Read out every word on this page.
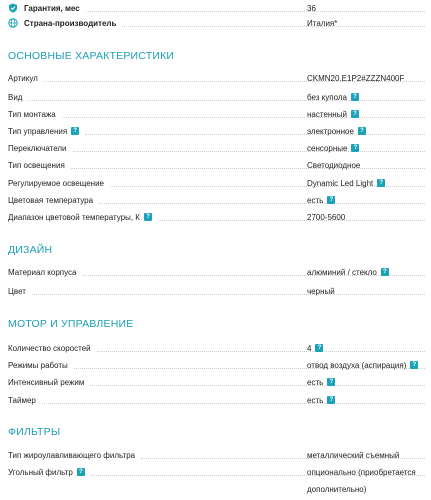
Гарантия, мес	36
Страна-производитель	Италия*
ОСНОВНЫЕ ХАРАКТЕРИСТИКИ
Артикул	CKMN20.E1P2#ZZZN400F
Вид	без купола	?
Тип монтажа	настенный	?
Тип управления	?	электронное	?
Переключатели	сенсорные	?
Тип освещения	Светодиодное
Регулируемое освещение	Dynamic Led Light	?
Цветовая температура	есть	?
Диапазон цветовой температуры, К	?	2700-5600
ДИЗАЙН
Материал корпуса	алюминий / стекло	?
Цвет	черный
МОТОР И УПРАВЛЕНИЕ
Количество скоростей	4	?
Режимы работы	отвод воздуха (аспирация)	?
Интенсивный режим	есть	?
Таймер	есть	?
ФИЛЬТРЫ
Тип жироулавливающего фильтра	металлический съемный
Угольный фильтр	?	опционально (приобретается
дополнительно)
